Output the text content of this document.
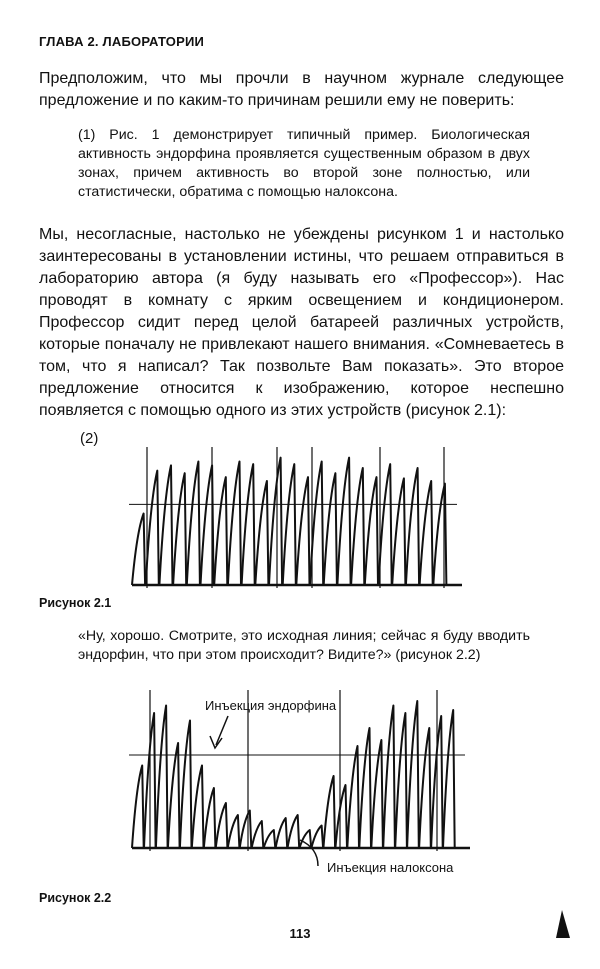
ГЛАВА 2. ЛАБОРАТОРИИ
Предположим, что мы прочли в научном журнале следующее предложение и по каким-то причинам решили ему не поверить:
(1) Рис. 1 демонстрирует типичный пример. Биологическая активность эндорфина проявляется существенным образом в двух зонах, причем активность во второй зоне полностью, или статистически, обратима с помощью налоксона.
Мы, несогласные, настолько не убеждены рисунком 1 и настолько заинтересованы в установлении истины, что решаем отправиться в лабораторию автора (я буду называть его «Профессор»). Нас проводят в комнату с ярким освещением и кондиционером. Профессор сидит перед целой батареей различных устройств, которые поначалу не привлекают нашего внимания. «Сомневаетесь в том, что я написал? Так позвольте Вам показать». Это второе предложение относится к изображению, которое неспешно появляется с помощью одного из этих устройств (рисунок 2.1):
(2)
Инъекция эндорфина
Инъекция налоксона
Рисунок 2.1
«Ну, хорошо. Смотрите, это исходная линия; сейчас я буду вводить эндорфин, что при этом происходит? Видите?» (рисунок 2.2)
Рисунок 2.2
113
